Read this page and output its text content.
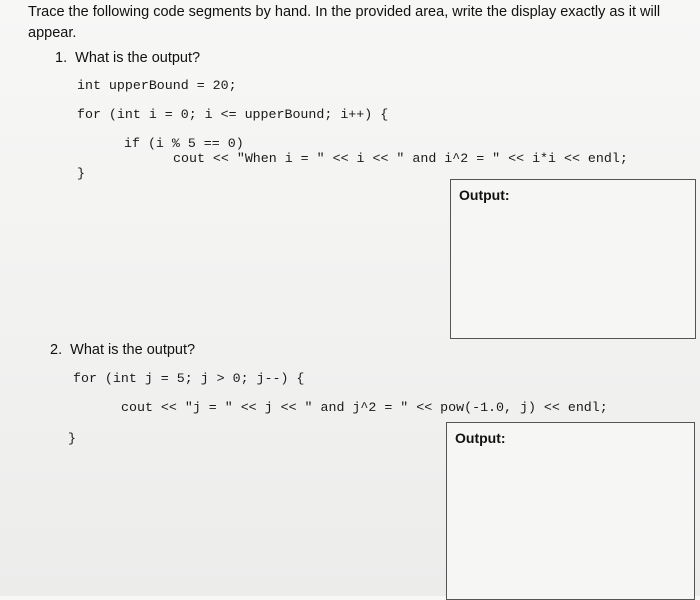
Trace the following code segments by hand. In the provided area, write the display exactly as it will appear.
1.  What is the output?
int upperBound = 20;
for (int i = 0; i <= upperBound; i++) {
if (i % 5 == 0)
cout << "When i = " << i << " and i^2 = " << i*i << endl;
}
Output:
2.  What is the output?
for (int j = 5; j > 0; j--) {
cout << "j = " << j << " and j^2 = " << pow(-1.0, j) << endl;
}	Output:
